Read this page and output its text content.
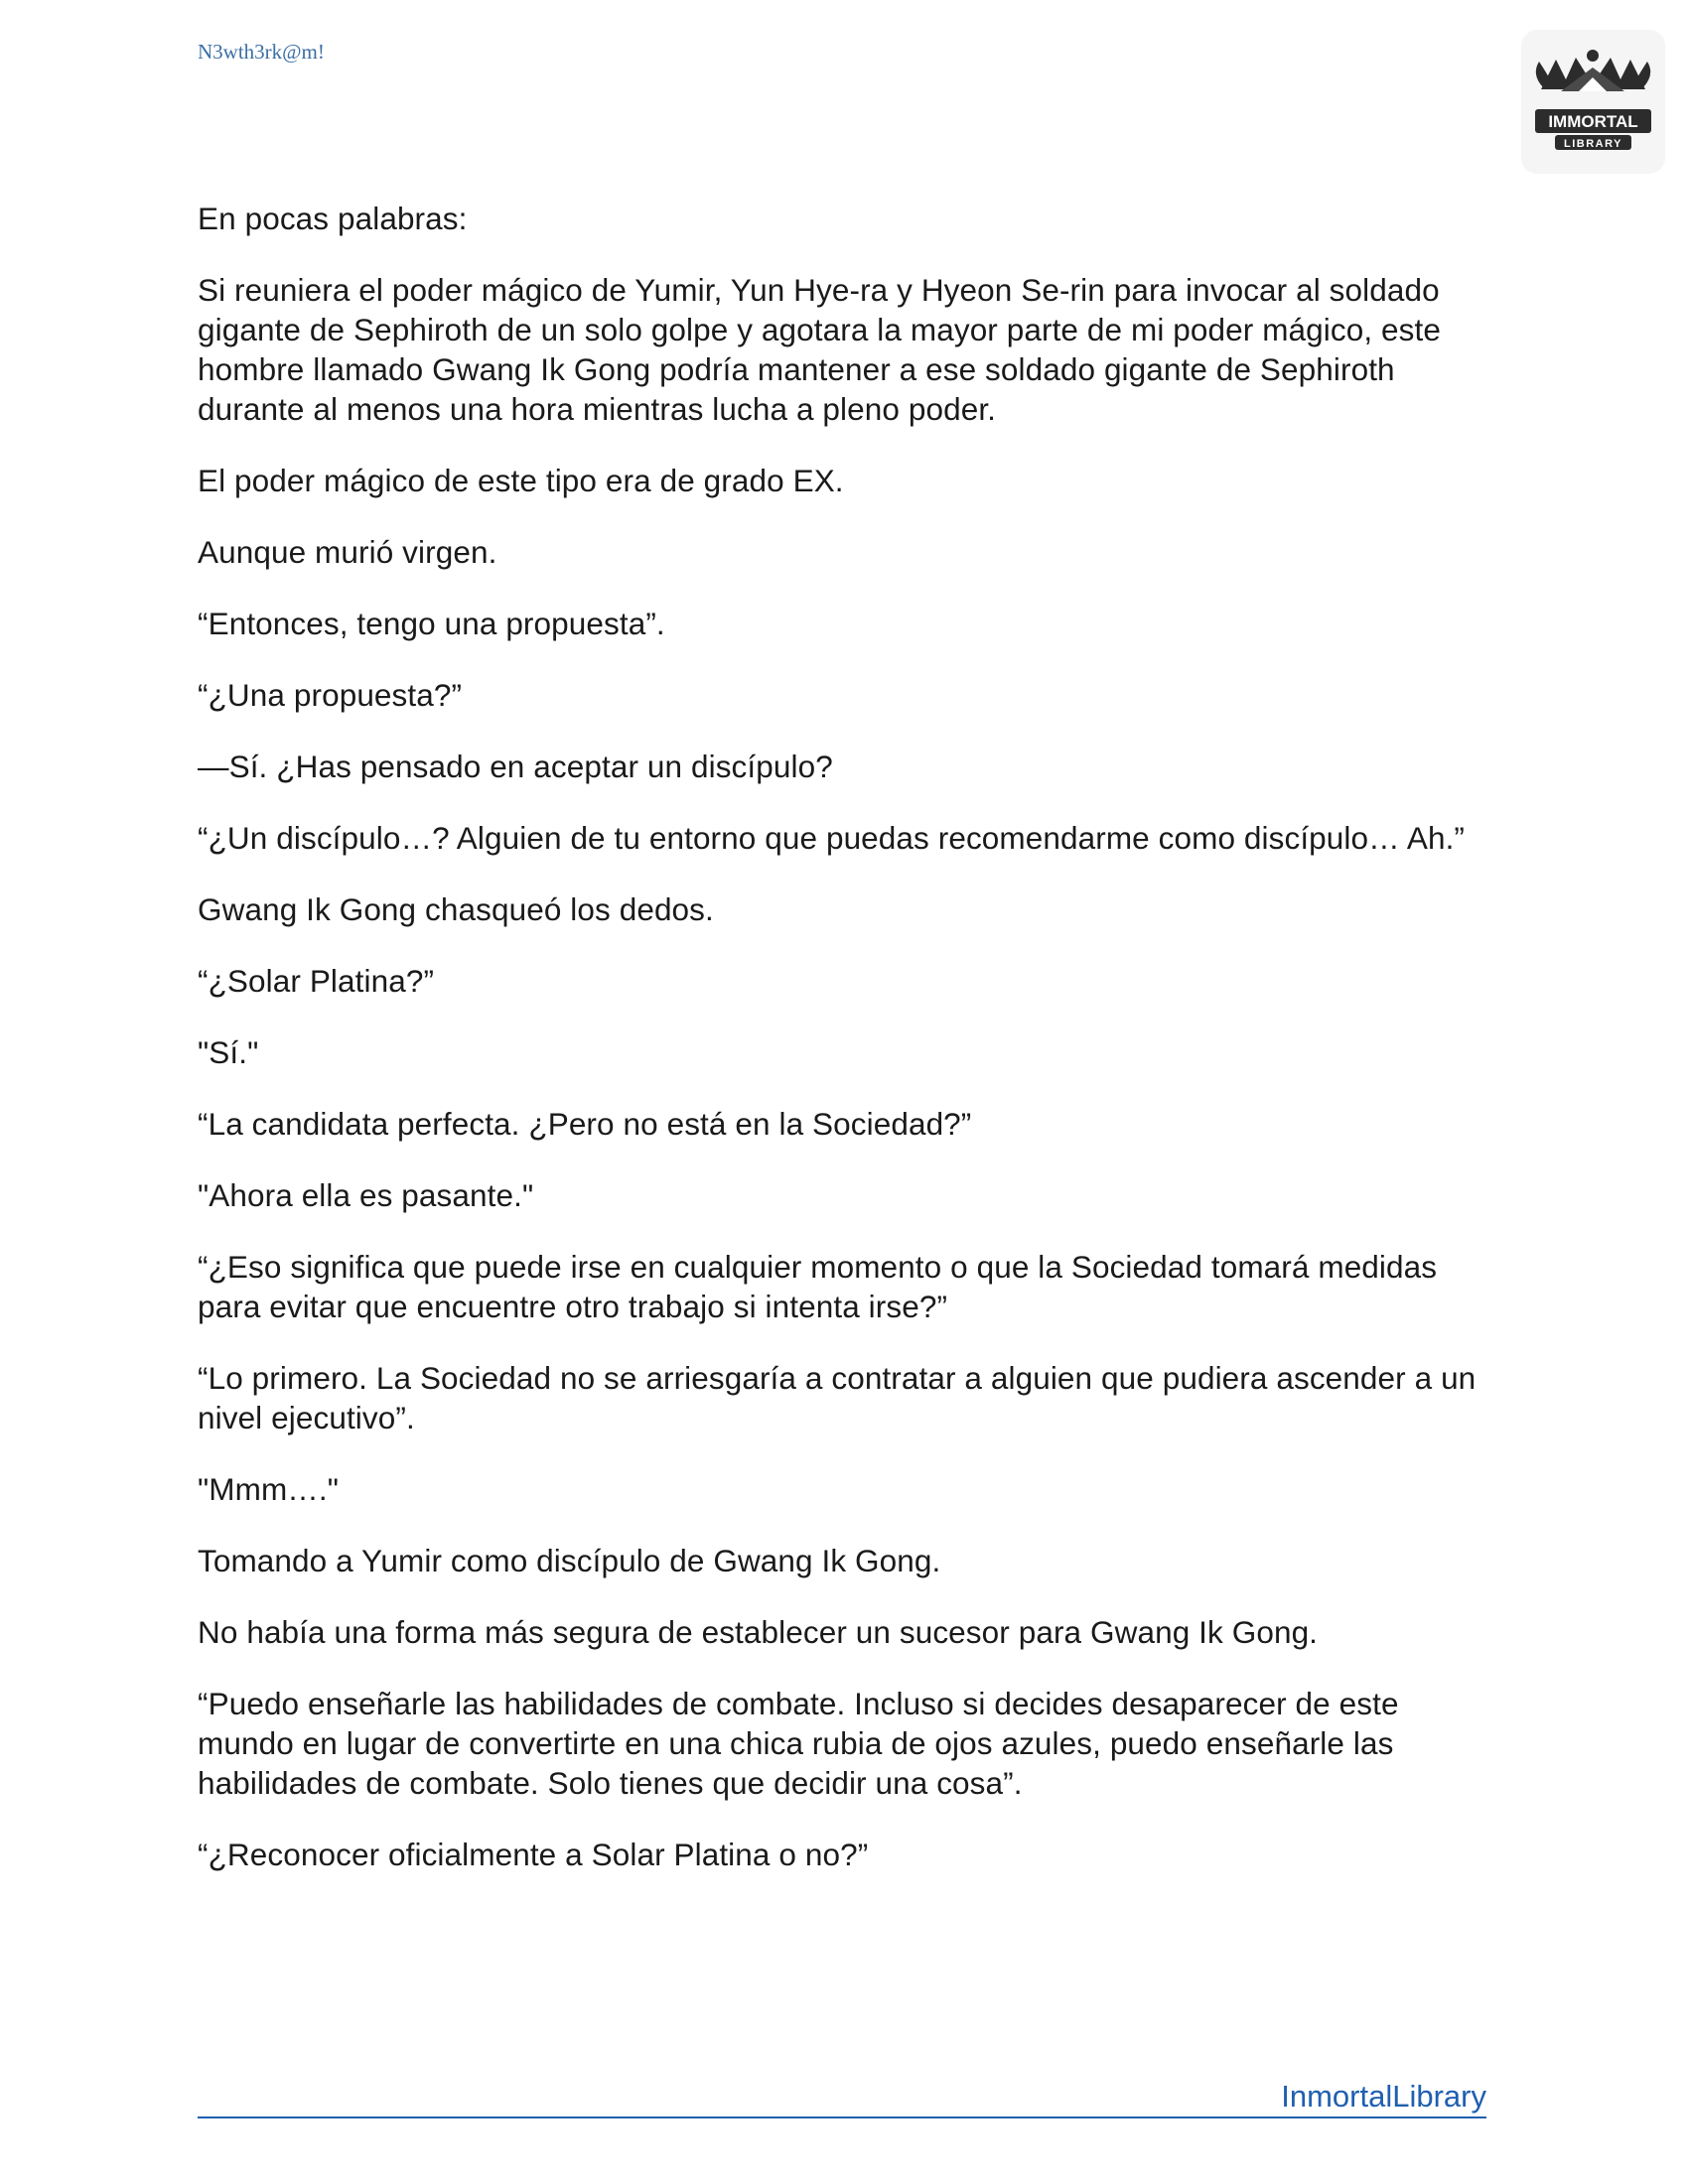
N3wth3rk@m!
IMMORTAL
LIBRARY

En pocas palabras:

Si reuniera el poder mágico de Yumir, Yun Hye-ra y Hyeon Se-rin para invocar al soldado gigante de Sephiroth de un solo golpe y agotara la mayor parte de mi poder mágico, este hombre llamado Gwang Ik Gong podría mantener a ese soldado gigante de Sephiroth durante al menos una hora mientras lucha a pleno poder.

El poder mágico de este tipo era de grado EX.

Aunque murió virgen.

“Entonces, tengo una propuesta”.

“¿Una propuesta?”

—Sí. ¿Has pensado en aceptar un discípulo?

“¿Un discípulo…? Alguien de tu entorno que puedas recomendarme como discípulo… Ah.”

Gwang Ik Gong chasqueó los dedos.

“¿Solar Platina?”

"Sí."

“La candidata perfecta. ¿Pero no está en la Sociedad?”

"Ahora ella es pasante."

“¿Eso significa que puede irse en cualquier momento o que la Sociedad tomará medidas para evitar que encuentre otro trabajo si intenta irse?”

“Lo primero. La Sociedad no se arriesgaría a contratar a alguien que pudiera ascender a un nivel ejecutivo”.

"Mmm…."

Tomando a Yumir como discípulo de Gwang Ik Gong.

No había una forma más segura de establecer un sucesor para Gwang Ik Gong.

“Puedo enseñarle las habilidades de combate. Incluso si decides desaparecer de este mundo en lugar de convertirte en una chica rubia de ojos azules, puedo enseñarle las habilidades de combate. Solo tienes que decidir una cosa”.

“¿Reconocer oficialmente a Solar Platina o no?”

InmortalLibrary
